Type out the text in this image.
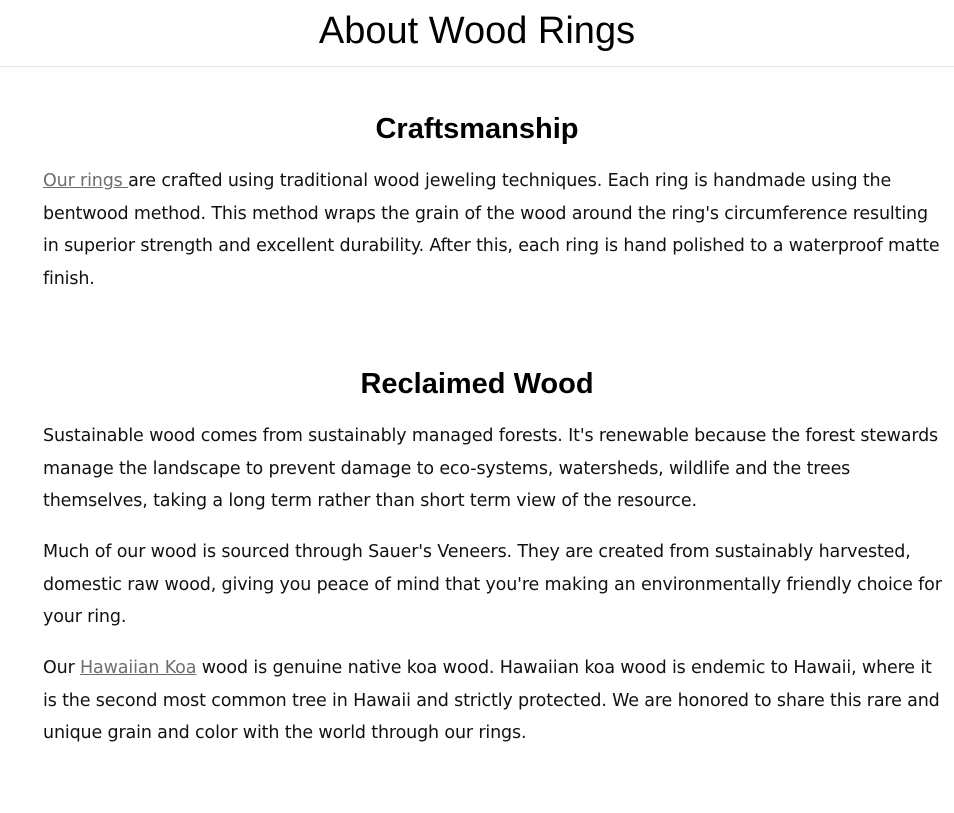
About Wood Rings
Craftsmanship

Our rings are crafted using traditional wood jeweling techniques. Each ring is handmade using the bentwood method. This method wraps the grain of the wood around the ring's circumference resulting in superior strength and excellent durability. After this, each ring is hand polished to a waterproof matte finish.

Reclaimed Wood

Sustainable wood comes from sustainably managed forests. It's renewable because the forest stewards manage the landscape to prevent damage to eco-systems, watersheds, wildlife and the trees themselves, taking a long term rather than short term view of the resource.

Much of our wood is sourced through Sauer's Veneers. They are created from sustainably harvested, domestic raw wood, giving you peace of mind that you're making an environmentally friendly choice for your ring.

Our Hawaiian Koa wood is genuine native koa wood. Hawaiian koa wood is endemic to Hawaii, where it is the second most common tree in Hawaii and strictly protected. We are honored to share this rare and unique grain and color with the world through our rings.
